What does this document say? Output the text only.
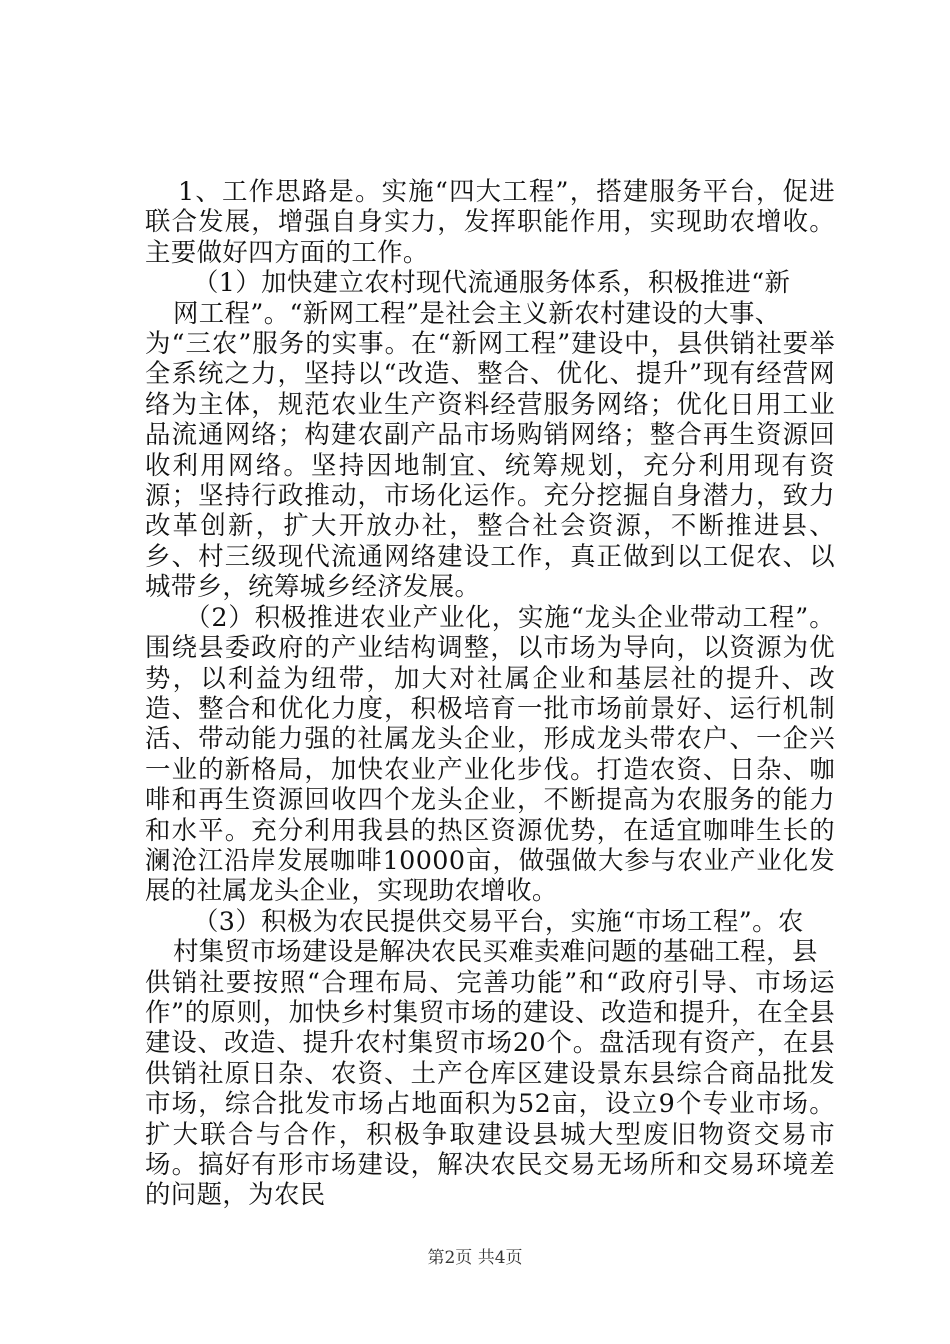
1、工作思路是。实施“四大工程”，搭建服务平台，促进联合发展，增强自身实力，发挥职能作用，实现助农增收。主要做好四方面的工作。

（1）加快建立农村现代流通服务体系，积极推进“新
网工程”。“新网工程”是社会主义新农村建设的大事、
为“三农”服务的实事。在“新网工程”建设中，县供销社要举全系统之力，坚持以“改造、整合、优化、提升”现有经营网络为主体，规范农业生产资料经营服务网络；优化日用工业品流通网络；构建农副产品市场购销网络；整合再生资源回收利用网络。坚持因地制宜、统筹规划，充分利用现有资源；坚持行政推动，市场化运作。充分挖掘自身潜力，致力改革创新，扩大开放办社，整合社会资源，不断推进县、乡、村三级现代流通网络建设工作，真正做到以工促农、以城带乡，统筹城乡经济发展。

（2）积极推进农业产业化，实施“龙头企业带动工程”。围绕县委政府的产业结构调整，以市场为导向，以资源为优势，以利益为纽带，加大对社属企业和基层社的提升、改造、整合和优化力度，积极培育一批市场前景好、运行机制活、带动能力强的社属龙头企业，形成龙头带农户、一企兴一业的新格局，加快农业产业化步伐。打造农资、日杂、咖啡和再生资源回收四个龙头企业，不断提高为农服务的能力和水平。充分利用我县的热区资源优势，在适宜咖啡生长的澜沧江沿岸发展咖啡10000亩，做强做大参与农业产业化发展的社属龙头企业，实现助农增收。

（3）积极为农民提供交易平台，实施“市场工程”。农
村集贸市场建设是解决农民买难卖难问题的基础工程，县
供销社要按照“合理布局、完善功能”和“政府引导、市场运作”的原则，加快乡村集贸市场的建设、改造和提升，在全县建设、改造、提升农村集贸市场20个。盘活现有资产，在县供销社原日杂、农资、土产仓库区建设景东县综合商品批发市场，综合批发市场占地面积为52亩，设立9个专业市场。扩大联合与合作，积极争取建设县城大型废旧物资交易市场。搞好有形市场建设，解决农民交易无场所和交易环境差的问题，为农民

第2页 共4页
